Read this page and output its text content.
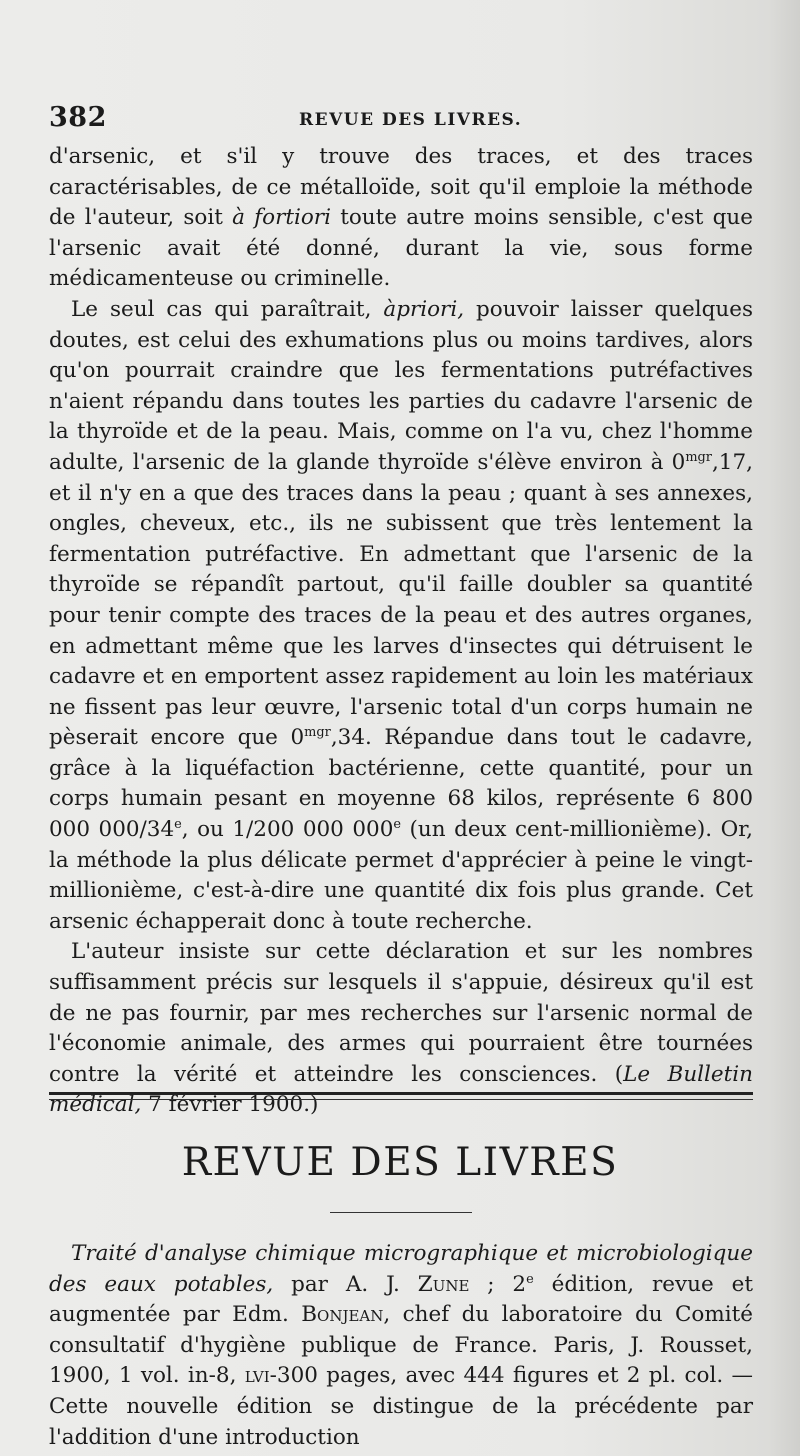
382	REVUE DES LIVRES.

d'arsenic, et s'il y trouve des traces, et des traces caractérisables, de ce métalloïde, soit qu'il emploie la méthode de l'auteur, soit à fortiori toute autre moins sensible, c'est que l'arsenic avait été donné, durant la vie, sous forme médicamenteuse ou criminelle.

Le seul cas qui paraîtrait, àpriori, pouvoir laisser quelques doutes, est celui des exhumations plus ou moins tardives, alors qu'on pourrait craindre que les fermentations putréfactives n'aient répandu dans toutes les parties du cadavre l'arsenic de la thyroïde et de la peau. Mais, comme on l'a vu, chez l'homme adulte, l'arsenic de la glande thyroïde s'élève environ à $0^{mgr},17$, et il n'y en a que des traces dans la peau ; quant à ses annexes, ongles, cheveux, etc., ils ne subissent que très lentement la fermentation putréfactive. En admettant que l'arsenic de la thyroïde se répandît partout, qu'il faille doubler sa quantité pour tenir compte des traces de la peau et des autres organes, en admettant même que les larves d'insectes qui détruisent le cadavre et en emportent assez rapidement au loin les matériaux ne fissent pas leur œuvre, l'arsenic total d'un corps humain ne pèserait encore que $0^{mgr},34$. Répandue dans tout le cadavre, grâce à la liquéfaction bactérienne, cette quantité, pour un corps humain pesant en moyenne 68 kilos, représente 6 800 000 000/34e, ou 1/200 000 000e (un deux cent-millionième). Or, la méthode la plus délicate permet d'apprécier à peine le vingt-millionième, c'est-à-dire une quantité dix fois plus grande. Cet arsenic échapperait donc à toute recherche.

L'auteur insiste sur cette déclaration et sur les nombres suffisamment précis sur lesquels il s'appuie, désireux qu'il est de ne pas fournir, par mes recherches sur l'arsenic normal de l'économie animale, des armes qui pourraient être tournées contre la vérité et atteindre les consciences. (Le Bulletin médical, 7 février 1900.)

REVUE DES LIVRES

Traité d'analyse chimique micrographique et microbiologique des eaux potables, par A. J. Zune ; 2e édition, revue et augmentée par Edm. Bonjean, chef du laboratoire du Comité consultatif d'hygiène publique de France. Paris, J. Rousset, 1900, 1 vol. in-8, lvi-300 pages, avec 444 figures et 2 pl. col. — Cette nouvelle édition se distingue de la précédente par l'addition d'une introduction
